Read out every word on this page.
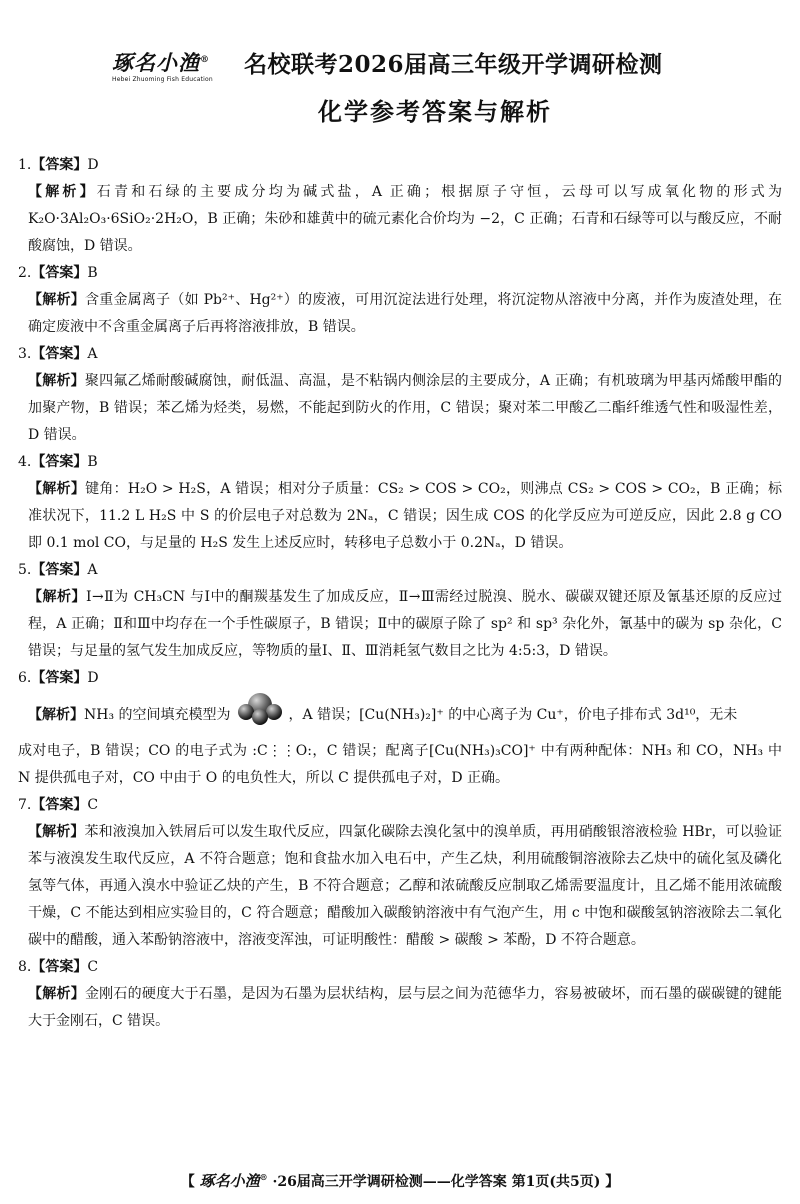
琢名小渔®
Hebei Zhuoming Fish Education
名校联考2026届高三年级开学调研检测
化学参考答案与解析

1.【答案】D

【解析】石青和石绿的主要成分均为碱式盐，A 正确；根据原子守恒，云母可以写成氧化物的形式为 K₂O·3Al₂O₃·6SiO₂·2H₂O，B 正确；朱砂和雄黄中的硫元素化合价均为 −2，C 正确；石青和石绿等可以与酸反应，不耐酸腐蚀，D 错误。

2.【答案】B

【解析】含重金属离子（如 Pb²⁺、Hg²⁺）的废液，可用沉淀法进行处理，将沉淀物从溶液中分离，并作为废渣处理，在确定废液中不含重金属离子后再将溶液排放，B 错误。

3.【答案】A

【解析】聚四氟乙烯耐酸碱腐蚀，耐低温、高温，是不粘锅内侧涂层的主要成分，A 正确；有机玻璃为甲基丙烯酸甲酯的加聚产物，B 错误；苯乙烯为烃类，易燃，不能起到防火的作用，C 错误；聚对苯二甲酸乙二酯纤维透气性和吸湿性差，D 错误。

4.【答案】B

【解析】键角：H₂O > H₂S，A 错误；相对分子质量：CS₂ > COS > CO₂，则沸点 CS₂ > COS > CO₂，B 正确；标准状况下，11.2 L H₂S 中 S 的价层电子对总数为 2Nₐ，C 错误；因生成 COS 的化学反应为可逆反应，因此 2.8 g CO 即 0.1 mol CO，与足量的 H₂S 发生上述反应时，转移电子总数小于 0.2Nₐ，D 错误。

5.【答案】A

【解析】Ⅰ→Ⅱ为 CH₃CN 与Ⅰ中的酮羰基发生了加成反应，Ⅱ→Ⅲ需经过脱溴、脱水、碳碳双键还原及氰基还原的反应过程，A 正确；Ⅱ和Ⅲ中均存在一个手性碳原子，B 错误；Ⅱ中的碳原子除了 sp² 和 sp³ 杂化外，氰基中的碳为 sp 杂化，C 错误；与足量的氢气发生加成反应，等物质的量Ⅰ、Ⅱ、Ⅲ消耗氢气数目之比为 4:5:3，D 错误。

6.【答案】D

【解析】NH₃ 的空间填充模型为	，A 错误；[Cu(NH₃)₂]⁺ 的中心离子为 Cu⁺，价电子排布式 3d¹⁰，无未

成对电子，B 错误；CO 的电子式为 :C⋮⋮O:，C 错误；配离子[Cu(NH₃)₃CO]⁺ 中有两种配体：NH₃ 和 CO，NH₃ 中 N 提供孤电子对，CO 中由于 O 的电负性大，所以 C 提供孤电子对，D 正确。

7.【答案】C

【解析】苯和液溴加入铁屑后可以发生取代反应，四氯化碳除去溴化氢中的溴单质，再用硝酸银溶液检验 HBr，可以验证苯与液溴发生取代反应，A 不符合题意；饱和食盐水加入电石中，产生乙炔，利用硫酸铜溶液除去乙炔中的硫化氢及磷化氢等气体，再通入溴水中验证乙炔的产生，B 不符合题意；乙醇和浓硫酸反应制取乙烯需要温度计，且乙烯不能用浓硫酸干燥，C 不能达到相应实验目的，C 符合题意；醋酸加入碳酸钠溶液中有气泡产生，用 c 中饱和碳酸氢钠溶液除去二氧化碳中的醋酸，通入苯酚钠溶液中，溶液变浑浊，可证明酸性：醋酸 > 碳酸 > 苯酚，D 不符合题意。

8.【答案】C

【解析】金刚石的硬度大于石墨，是因为石墨为层状结构，层与层之间为范德华力，容易被破坏，而石墨的碳碳键的键能大于金刚石，C 错误。

【 琢名小渔® ·26届高三开学调研检测——化学答案 第1页(共5页) 】
